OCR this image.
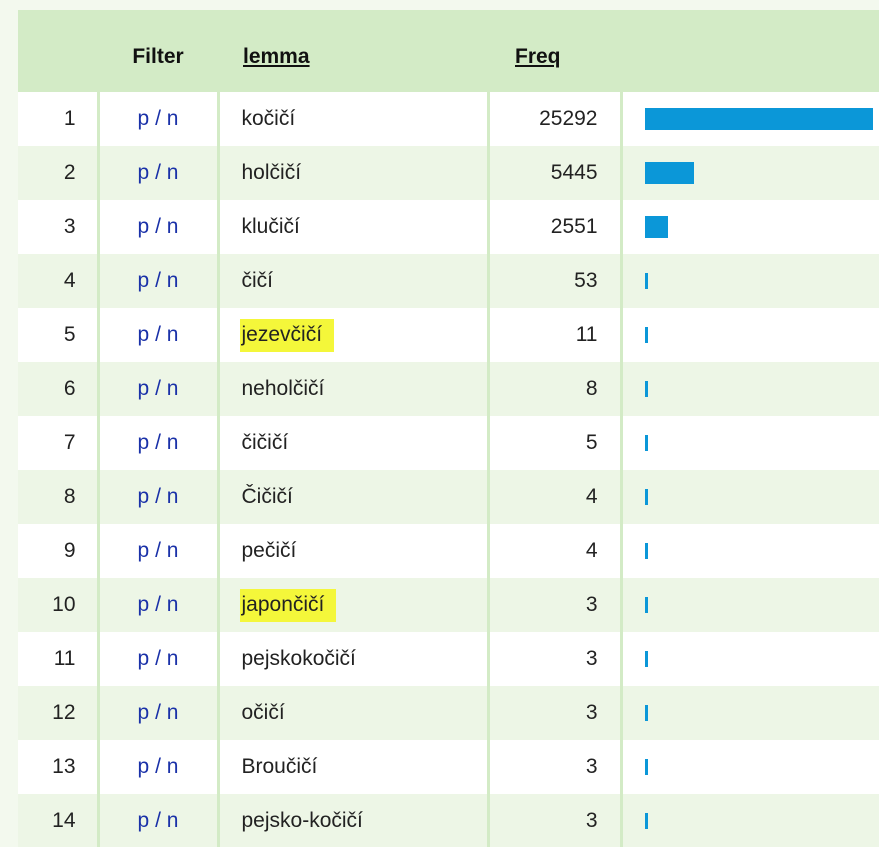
	Filter	lemma	Freq	
1	p / n	kočičí	25292	

2	p / n	holčičí	5445	

3	p / n	klučičí	2551	

4	p / n	čičí	53	

5	p / n	jezevčičí	11	

6	p / n	neholčičí	8	

7	p / n	čičičí	5	

8	p / n	Čičičí	4	

9	p / n	pečičí	4	

10	p / n	japončičí	3	

11	p / n	pejskokočičí	3	

12	p / n	očičí	3	

13	p / n	Broučičí	3	

14	p / n	pejsko-kočičí	3	
